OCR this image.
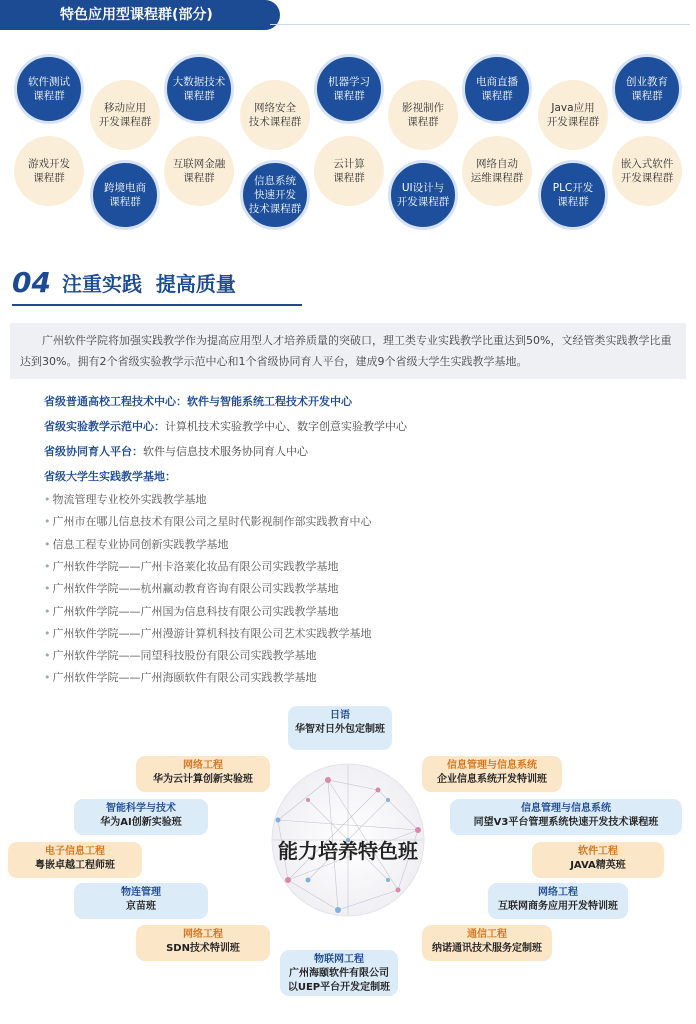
特色应用型课程群(部分)
软件测试
课程群
移动应用
开发课程群
大数据技术
课程群
网络安全
技术课程群
机器学习
课程群
影视制作
课程群
电商直播
课程群
Java应用
开发课程群
创业教育
课程群
游戏开发
课程群
跨境电商
课程群
互联网金融
课程群	信息系统
快速开发
技术课程群
云计算
课程群
UI设计与
开发课程群
网络自动
运维课程群
PLC开发
课程群
嵌入式软件
开发课程群
04 注重实践  提高质量
广州软件学院将加强实践教学作为提高应用型人才培养质量的突破口，理工类专业实践教学比重达到50%，文经管类实践教学比重达到30%。拥有2个省级实验教学示范中心和1个省级协同育人平台，建成9个省级大学生实践教学基地。
省级普通高校工程技术中心：软件与智能系统工程技术开发中心
省级实验教学示范中心：计算机技术实验教学中心、数字创意实验教学中心
省级协同育人平台：软件与信息技术服务协同育人中心
省级大学生实践教学基地：
• 物流管理专业校外实践教学基地
• 广州市在哪儿信息技术有限公司之星时代影视制作部实践教育中心
• 信息工程专业协同创新实践教学基地
• 广州软件学院——广州卡洛莱化妆品有限公司实践教学基地
• 广州软件学院——杭州赢动教育咨询有限公司实践教学基地
• 广州软件学院——广州国为信息科技有限公司实践教学基地
• 广州软件学院——广州漫游计算机科技有限公司艺术实践教学基地
• 广州软件学院——同望科技股份有限公司实践教学基地
• 广州软件学院——广州海颐软件有限公司实践教学基地
能力培养特色班
日语
华智对日外包定制班
网络工程
华为云计算创新实验班
信息管理与信息系统
企业信息系统开发特训班
智能科学与技术
华为AI创新实验班
信息管理与信息系统
同望V3平台管理系统快速开发技术课程班
电子信息工程
粤嵌卓越工程师班
软件工程
JAVA精英班
物连管理
京苗班
网络工程
互联网商务应用开发特训班
网络工程
SDN技术特训班
通信工程
纳诺通讯技术服务定制班
物联网工程
广州海颐软件有限公司
以UEP平台开发定制班
